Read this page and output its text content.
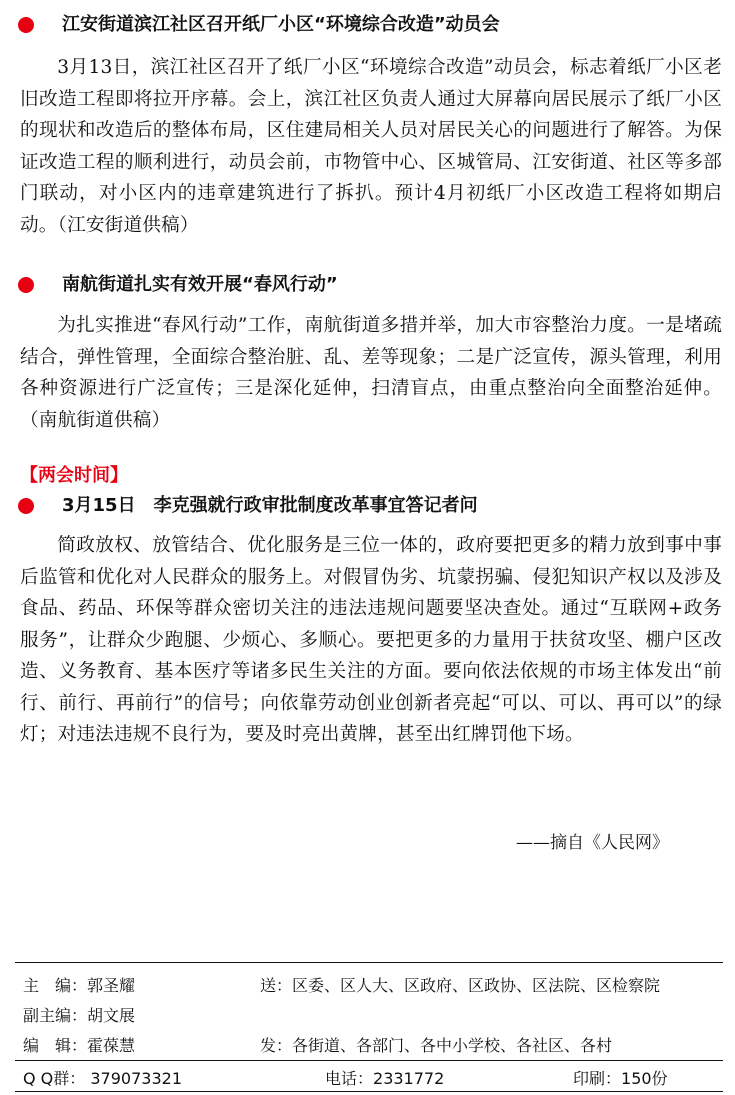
江安街道滨江社区召开纸厂小区“环境综合改造”动员会
3月13日，滨江社区召开了纸厂小区“环境综合改造”动员会，标志着纸厂小区老旧改造工程即将拉开序幕。会上，滨江社区负责人通过大屏幕向居民展示了纸厂小区的现状和改造后的整体布局，区住建局相关人员对居民关心的问题进行了解答。为保证改造工程的顺利进行，动员会前，市物管中心、区城管局、江安街道、社区等多部门联动，对小区内的违章建筑进行了拆扒。预计4月初纸厂小区改造工程将如期启动。（江安街道供稿）
南航街道扎实有效开展“春风行动”
为扎实推进“春风行动”工作，南航街道多措并举，加大市容整治力度。一是堵疏结合，弹性管理，全面综合整治脏、乱、差等现象；二是广泛宣传，源头管理，利用各种资源进行广泛宣传；三是深化延伸，扫清盲点，由重点整治向全面整治延伸。（南航街道供稿）
【两会时间】
3月15日　李克强就行政审批制度改革事宜答记者问
简政放权、放管结合、优化服务是三位一体的，政府要把更多的精力放到事中事后监管和优化对人民群众的服务上。对假冒伪劣、坑蒙拐骗、侵犯知识产权以及涉及食品、药品、环保等群众密切关注的违法违规问题要坚决查处。通过“互联网+政务服务”，让群众少跑腿、少烦心、多顺心。要把更多的力量用于扶贫攻坚、棚户区改造、义务教育、基本医疗等诸多民生关注的方面。要向依法依规的市场主体发出“前行、前行、再前行”的信号；向依靠劳动创业创新者亮起“可以、可以、再可以”的绿灯；对违法违规不良行为，要及时亮出黄牌，甚至出红牌罚他下场。
——摘自《人民网》
主　编：郭圣耀	送：区委、区人大、区政府、区政协、区法院、区检察院
副主编：胡文展
编　辑：霍葆慧	发：各街道、各部门、各中小学校、各社区、各村
Q Q群： 379073321	电话：2331772	印刷：150份
